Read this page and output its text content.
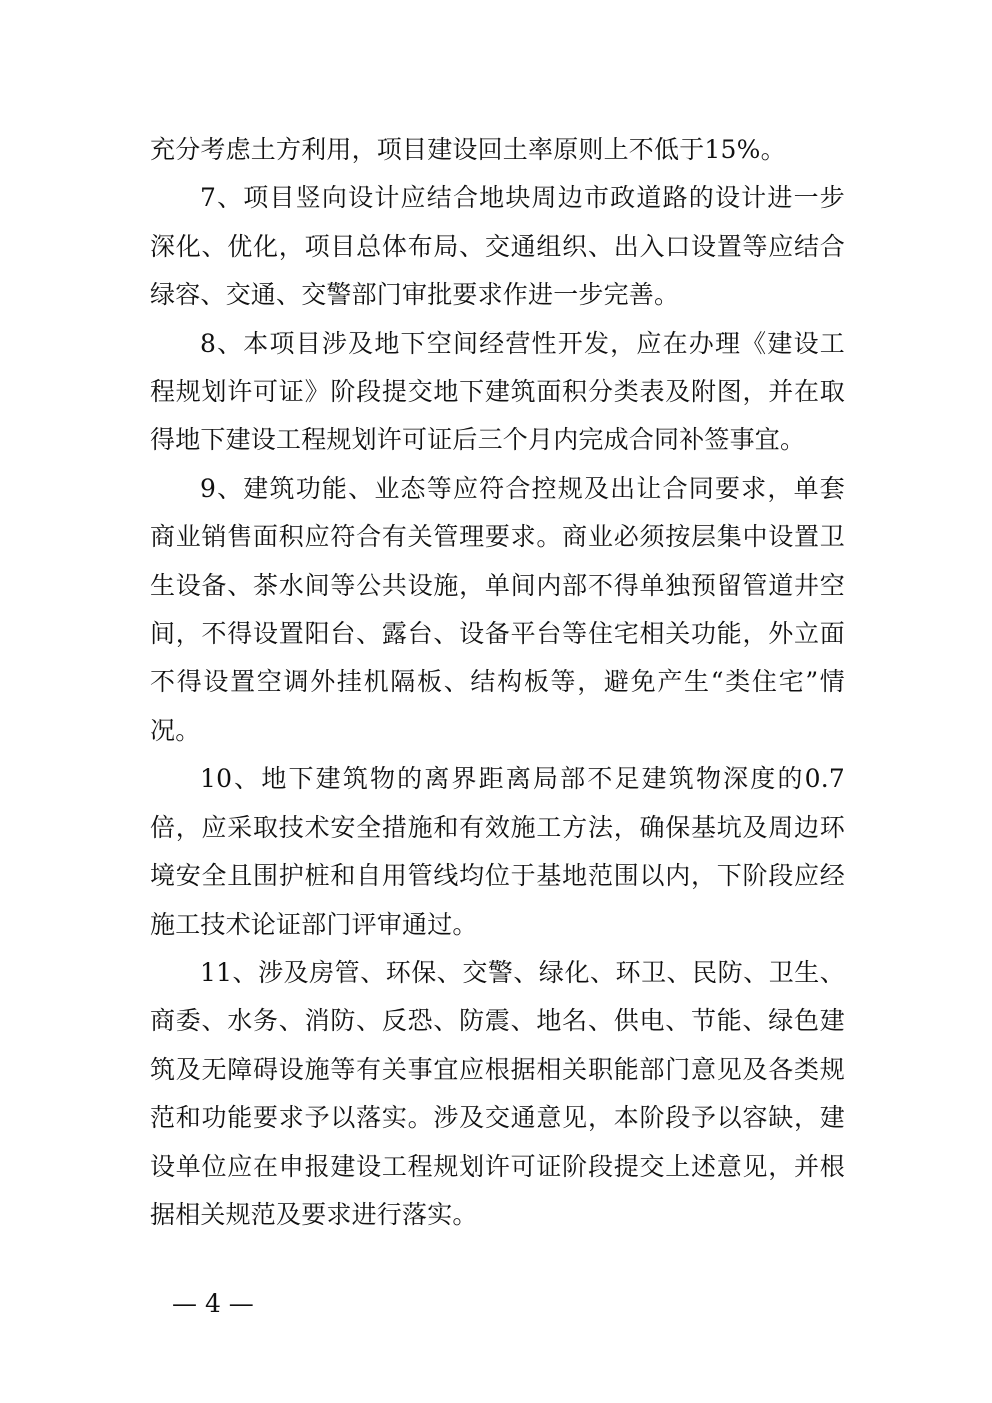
充分考虑土方利用，项目建设回土率原则上不低于15%。

7、项目竖向设计应结合地块周边市政道路的设计进一步深化、优化，项目总体布局、交通组织、出入口设置等应结合绿容、交通、交警部门审批要求作进一步完善。

8、本项目涉及地下空间经营性开发，应在办理《建设工程规划许可证》阶段提交地下建筑面积分类表及附图，并在取得地下建设工程规划许可证后三个月内完成合同补签事宜。

9、建筑功能、业态等应符合控规及出让合同要求，单套商业销售面积应符合有关管理要求。商业必须按层集中设置卫生设备、茶水间等公共设施，单间内部不得单独预留管道井空间，不得设置阳台、露台、设备平台等住宅相关功能，外立面不得设置空调外挂机隔板、结构板等，避免产生“类住宅”情况。

10、地下建筑物的离界距离局部不足建筑物深度的0.7倍，应采取技术安全措施和有效施工方法，确保基坑及周边环境安全且围护桩和自用管线均位于基地范围以内，下阶段应经施工技术论证部门评审通过。

11、涉及房管、环保、交警、绿化、环卫、民防、卫生、商委、水务、消防、反恐、防震、地名、供电、节能、绿色建筑及无障碍设施等有关事宜应根据相关职能部门意见及各类规范和功能要求予以落实。涉及交通意见，本阶段予以容缺，建设单位应在申报建设工程规划许可证阶段提交上述意见，并根据相关规范及要求进行落实。

— 4 —
